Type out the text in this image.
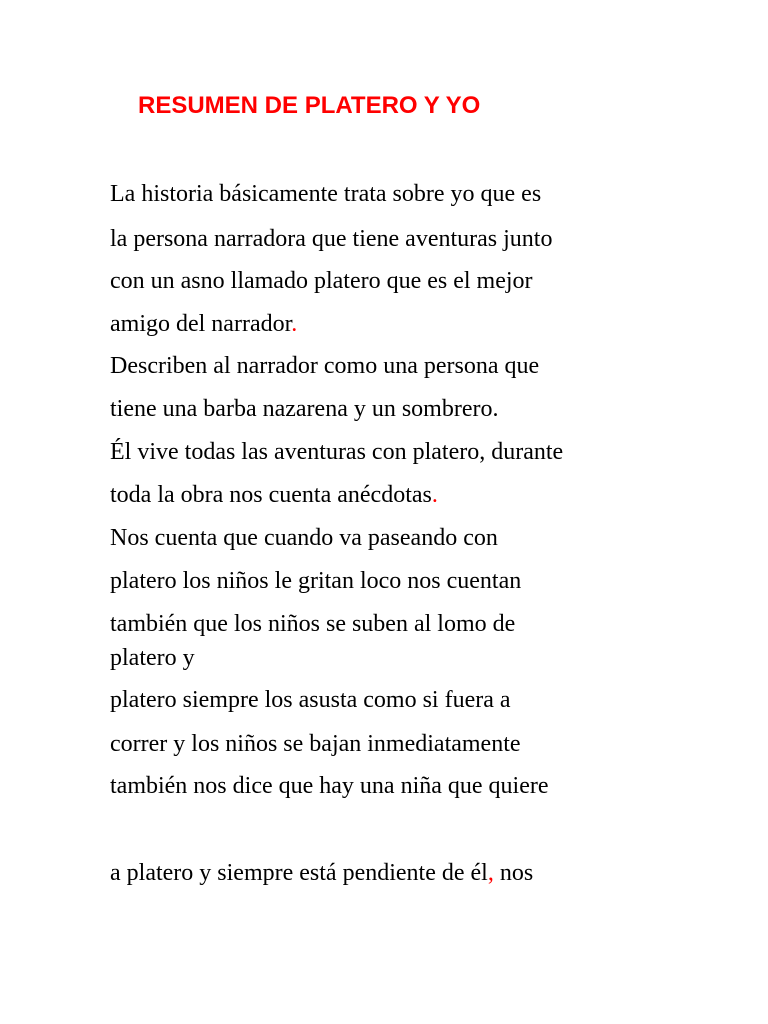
RESUMEN DE PLATERO Y YO

La historia básicamente trata sobre yo que es

la persona narradora que tiene aventuras junto

con un asno llamado platero que es el mejor

amigo del narrador.

Describen al narrador como una persona que

tiene una barba nazarena y un sombrero.

Él vive todas las aventuras con platero, durante

toda la obra nos cuenta anécdotas.

Nos cuenta que cuando va paseando con

platero los niños le gritan loco nos cuentan

también que los niños se suben al lomo de

platero y

platero siempre los asusta como si fuera a

correr y los niños se bajan inmediatamente

también nos dice que hay una niña que quiere

a platero y siempre está pendiente de él, nos
